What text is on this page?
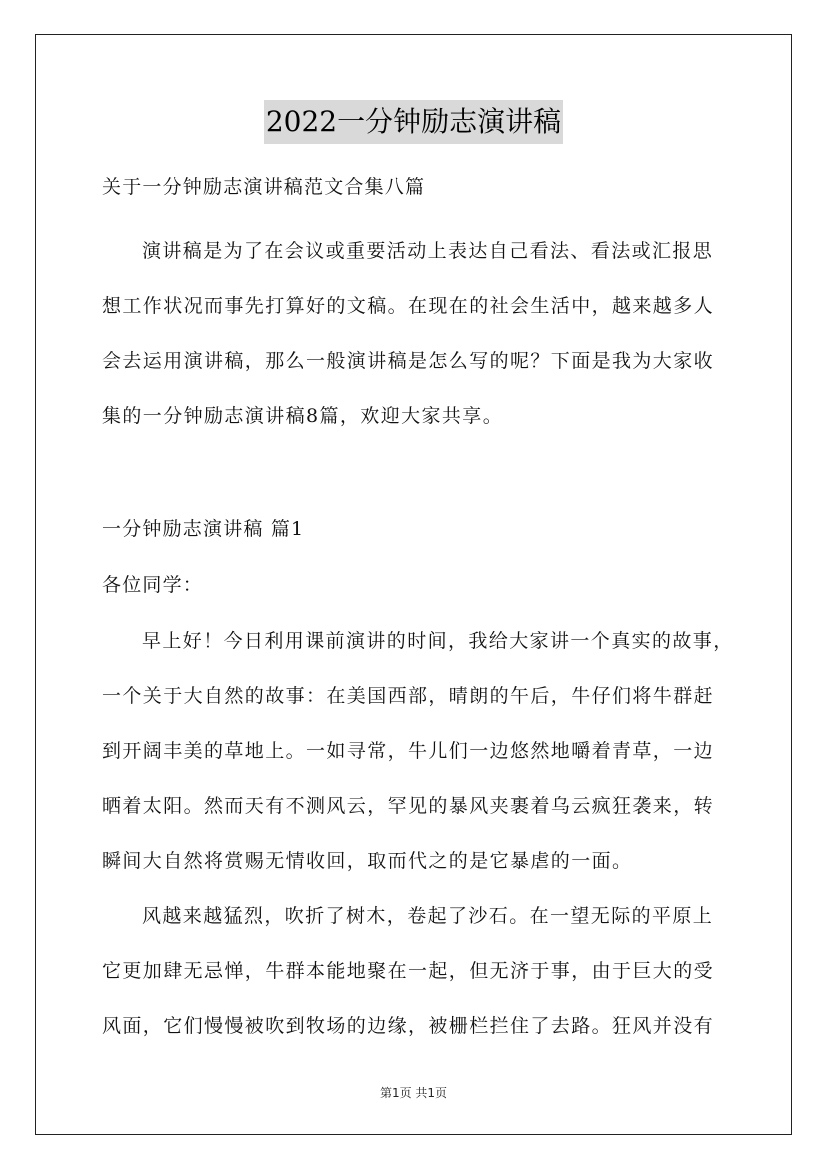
2022一分钟励志演讲稿
关于一分钟励志演讲稿范文合集八篇
演讲稿是为了在会议或重要活动上表达自己看法、看法或汇报思
想工作状况而事先打算好的文稿。在现在的社会生活中，越来越多人
会去运用演讲稿，那么一般演讲稿是怎么写的呢？下面是我为大家收
集的一分钟励志演讲稿8篇，欢迎大家共享。
一分钟励志演讲稿 篇1
各位同学：
早上好！今日利用课前演讲的时间，我给大家讲一个真实的故事，
一个关于大自然的故事：在美国西部，晴朗的午后，牛仔们将牛群赶
到开阔丰美的草地上。一如寻常，牛儿们一边悠然地嚼着青草，一边
晒着太阳。然而天有不测风云，罕见的暴风夹裹着乌云疯狂袭来，转
瞬间大自然将赏赐无情收回，取而代之的是它暴虐的一面。
风越来越猛烈，吹折了树木，卷起了沙石。在一望无际的平原上
它更加肆无忌惮，牛群本能地聚在一起，但无济于事，由于巨大的受
风面，它们慢慢被吹到牧场的边缘，被栅栏拦住了去路。狂风并没有
第1页 共1页
